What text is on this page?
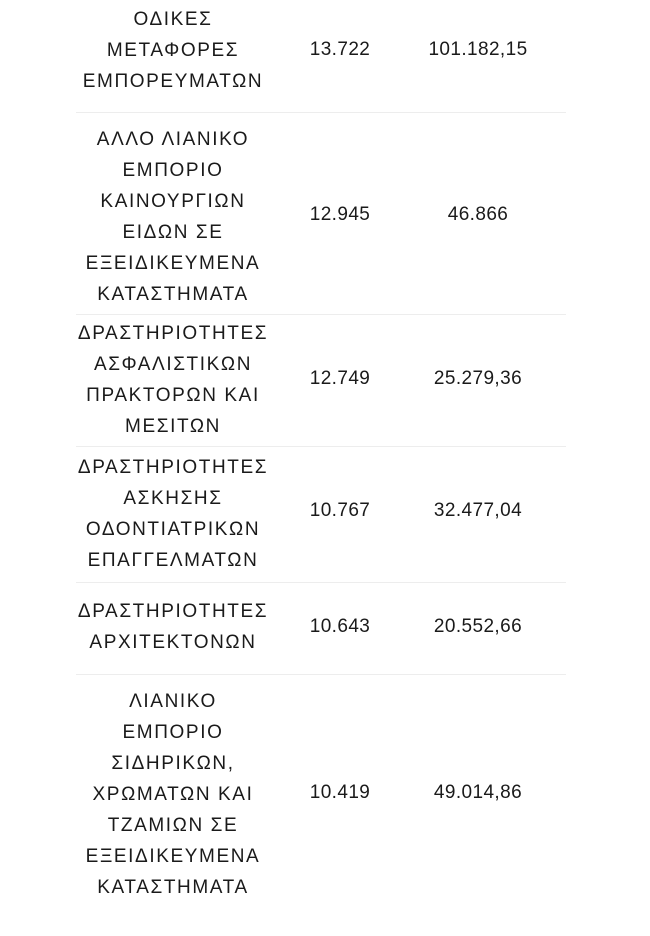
ΟΔΙΚΕΣ
ΜΕΤΑΦΟΡΕΣ
ΕΜΠΟΡΕΥΜΑΤΩΝ
13.722	101.182,15
ΑΛΛΟ ΛΙΑΝΙΚΟ
ΕΜΠΟΡΙΟ
ΚΑΙΝΟΥΡΓΙΩΝ
ΕΙΔΩΝ ΣΕ
ΕΞΕΙΔΙΚΕΥΜΕΝΑ
ΚΑΤΑΣΤΗΜΑΤΑ
12.945	46.866
ΔΡΑΣΤΗΡΙΟΤΗΤΕΣ
ΑΣΦΑΛΙΣΤΙΚΩΝ
ΠΡΑΚΤΟΡΩΝ ΚΑΙ
ΜΕΣΙΤΩΝ
12.749	25.279,36
ΔΡΑΣΤΗΡΙΟΤΗΤΕΣ
ΑΣΚΗΣΗΣ
ΟΔΟΝΤΙΑΤΡΙΚΩΝ
ΕΠΑΓΓΕΛΜΑΤΩΝ
10.767	32.477,04
ΔΡΑΣΤΗΡΙΟΤΗΤΕΣ
ΑΡΧΙΤΕΚΤΟΝΩΝ
10.643	20.552,66
ΛΙΑΝΙΚΟ
ΕΜΠΟΡΙΟ
ΣΙΔΗΡΙΚΩΝ,
ΧΡΩΜΑΤΩΝ ΚΑΙ
ΤΖΑΜΙΩΝ ΣΕ
ΕΞΕΙΔΙΚΕΥΜΕΝΑ
ΚΑΤΑΣΤΗΜΑΤΑ
10.419	49.014,86
